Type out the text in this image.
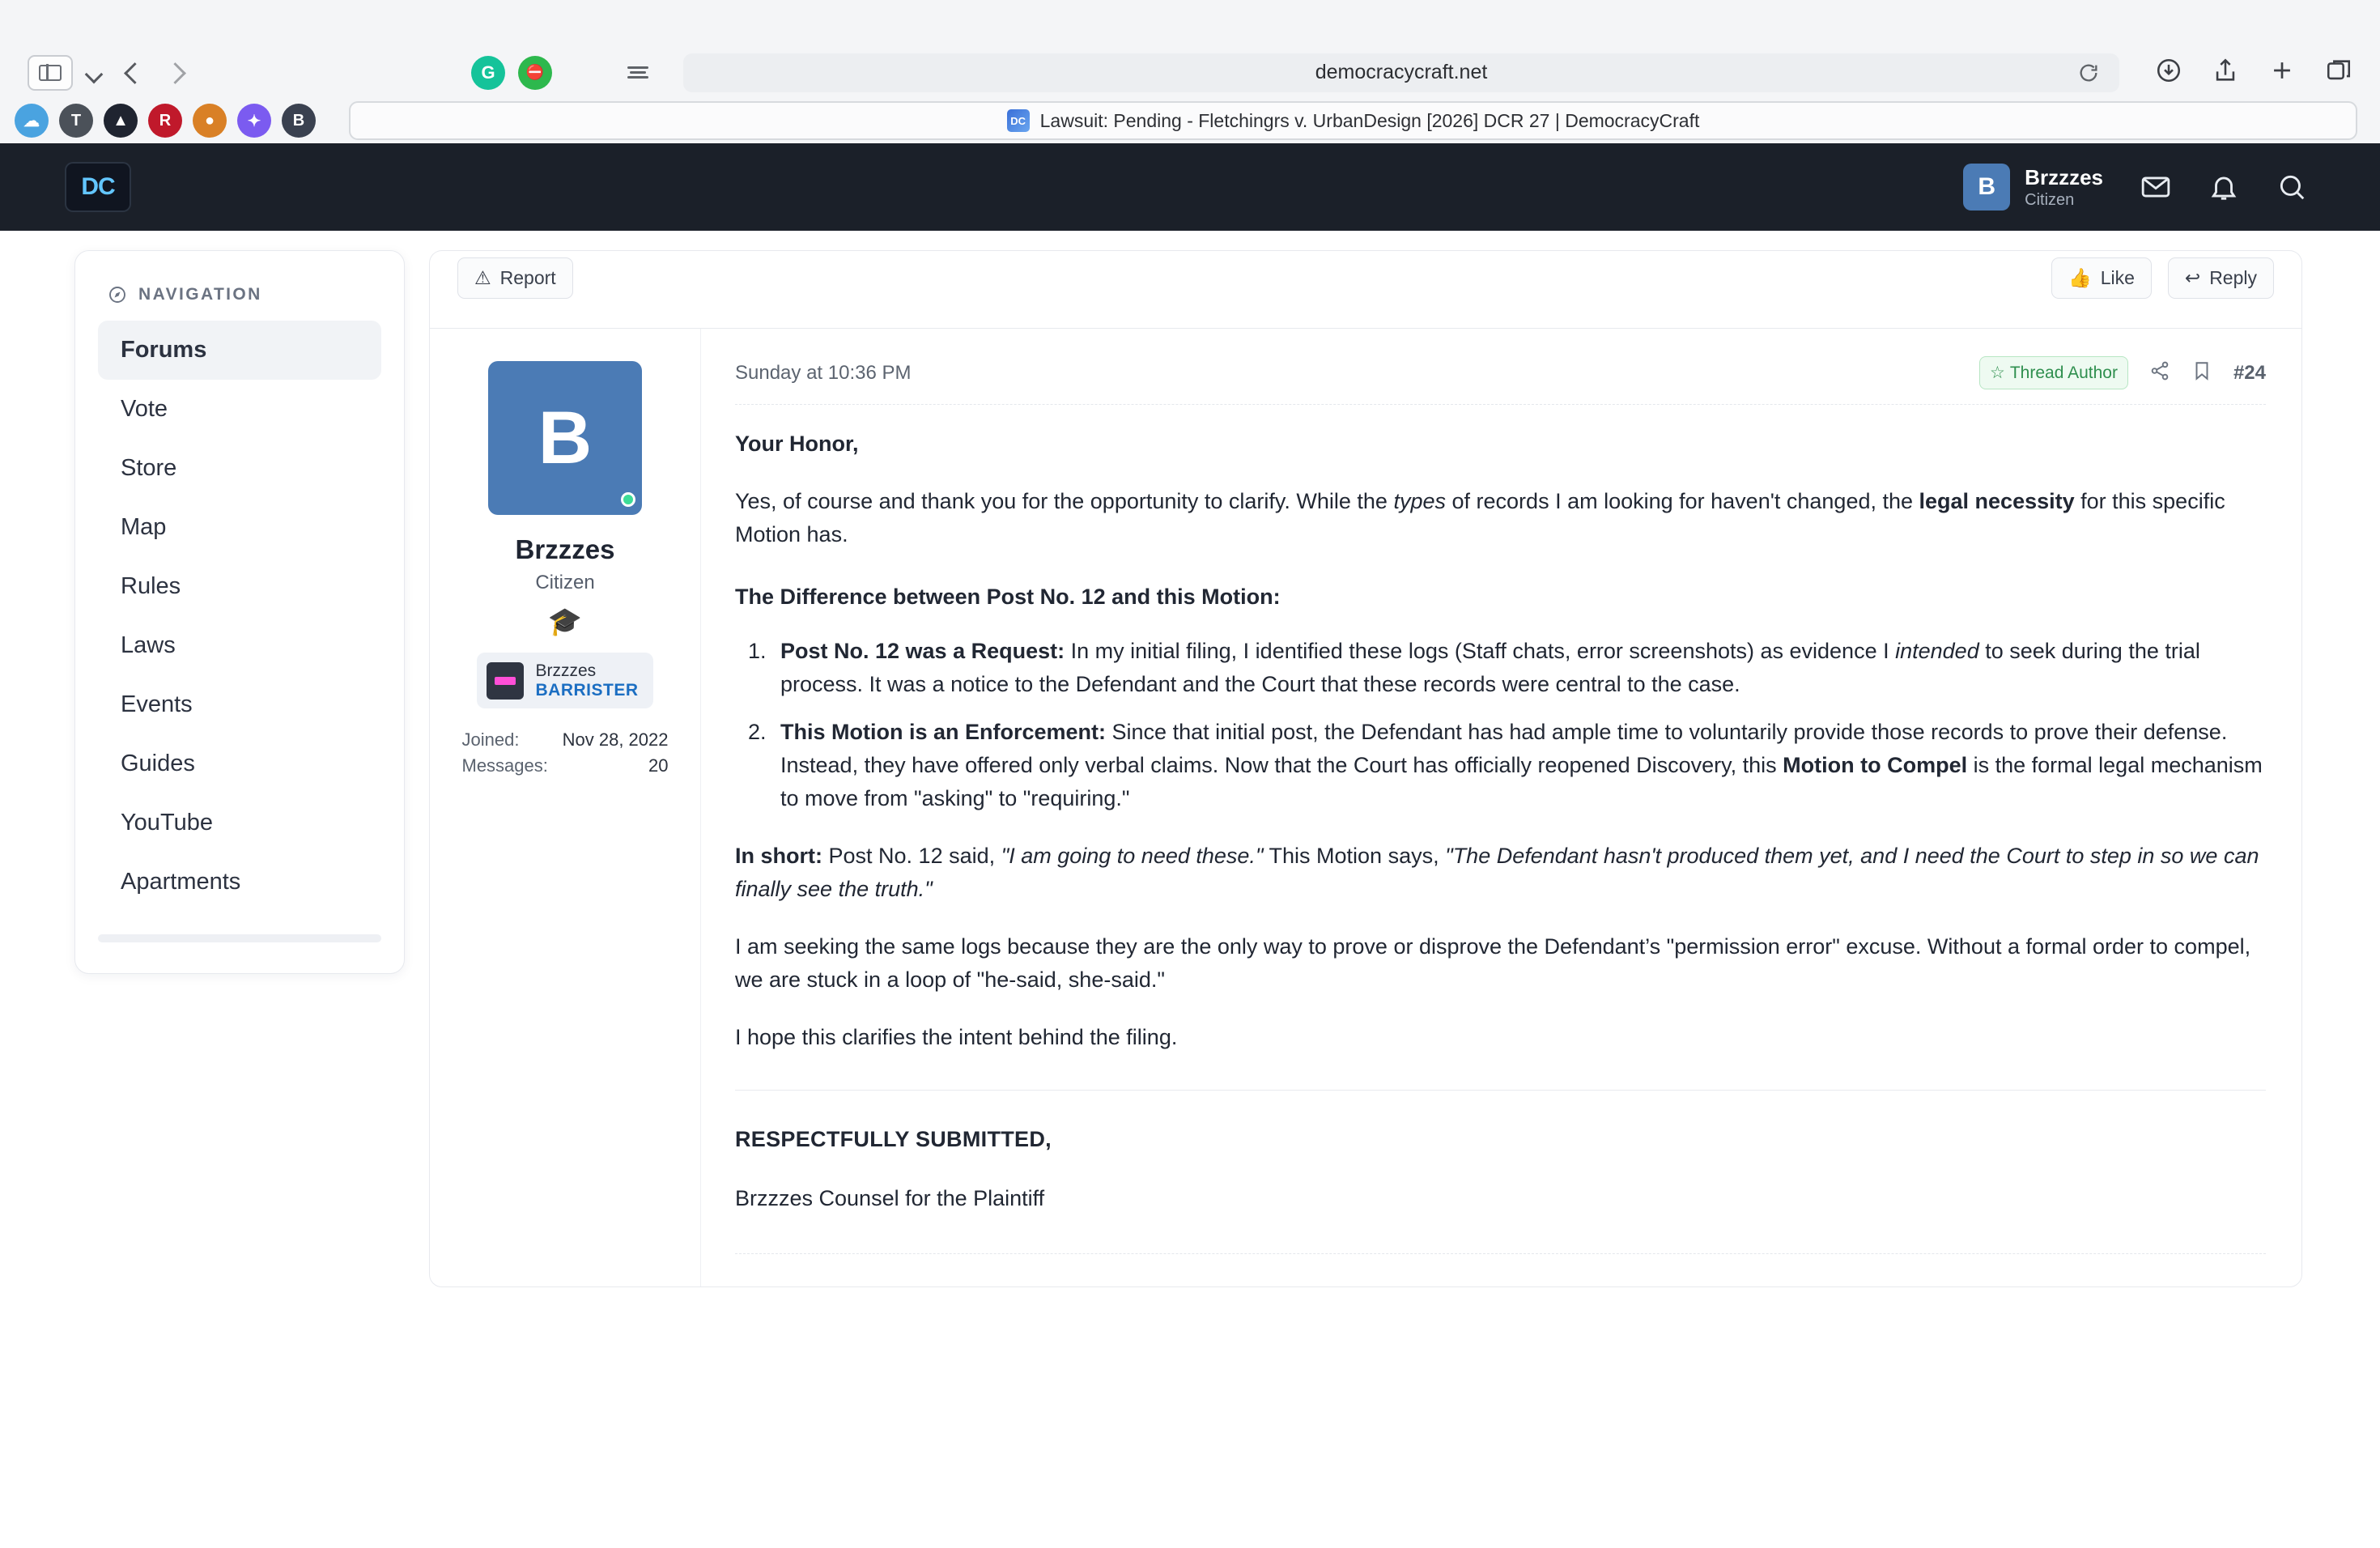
G	⛔	democracycraft.net
☁	T	▲	R	●	✦	B	DC Lawsuit: Pending - Fletchingrs v. UrbanDesign [2026] DCR 27 | DemocracyCraft
DC	B	Brzzzes
Citizen
NAVIGATION
Forums
Vote
Store
Map
Rules
Laws
Events
Guides
YouTube
Apartments
⚠ Report	👍 Like	↩ Reply
B
Brzzzes
Citizen
🎓
Brzzzes
BARRISTER
Joined: Nov 28, 2022
Messages:	20
Sunday at 10:36 PM	☆ Thread Author	#24

Your Honor,

Yes, of course and thank you for the opportunity to clarify. While the types of records I am looking for haven't changed, the legal necessity for this specific Motion has.

The Difference between Post No. 12 and this Motion:

1. Post No. 12 was a Request: In my initial filing, I identified these logs (Staff chats, error screenshots) as evidence I intended to seek during the trial process. It was a notice to the Defendant and the Court that these records were central to the case.
2. This Motion is an Enforcement: Since that initial post, the Defendant has had ample time to voluntarily provide those records to prove their defense. Instead, they have offered only verbal claims. Now that the Court has officially reopened Discovery, this Motion to Compel is the formal legal mechanism to move from "asking" to "requiring."

In short: Post No. 12 said, "I am going to need these." This Motion says, "The Defendant hasn't produced them yet, and I need the Court to step in so we can finally see the truth."

I am seeking the same logs because they are the only way to prove or disprove the Defendant’s "permission error" excuse. Without a formal order to compel, we are stuck in a loop of "he-said, she-said."

I hope this clarifies the intent behind the filing.

RESPECTFULLY SUBMITTED,
Brzzzes Counsel for the Plaintiff
